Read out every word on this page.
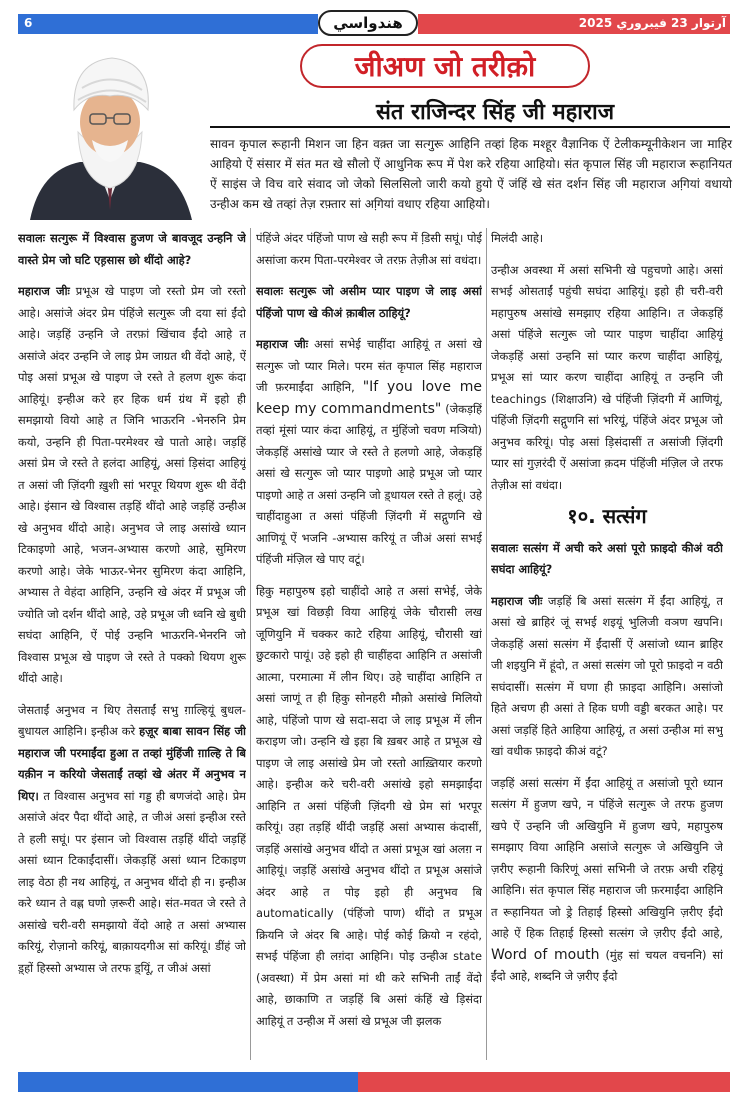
6	هندواسي	آرتوار 23 فيبروري 2025
जीअण जो तरीक़ो
संत राजिन्दर सिंह जी महाराज
सावन कृपाल रूहानी मिशन जा हिन वक़्त जा सत्गुरू आहिनि तव्हां हिक मश्हूर वैज्ञानिक ऐं टेलीकम्यूनीकेशन जा माहिर आहियो ऐं संसार में संत मत खे सौलो ऐं आधुनिक रूप में पेश करे रहिया आहियो। संत कृपाल सिंह जी महाराज रूहानियत ऐं साइंस जे विच वारे संवाद जो जेको सिलसिलो जारी कयो हुयो ऐं जंहिं खे संत दर्शन सिंह जी महाराज अगि़यां वधायो उन्हीअ कम खे तव्हां तेज़ रफ़्तार सां अगि़यां वधाए रहिया आहियो।

सवालः सत्गुरू में विश्वास हुजण जे बावजूद उन्हनि जे वास्ते प्रेम जो घटि एह़सास छो थींदो आहे?

महाराज जीः प्रभूअ खे पाइण जो रस्तो प्रेम जो रस्तो आहे। असांजे अंदर प्रेम पंहिंजे सत्गुरू जी दया सां ईंदो आहे। जड़हिं उन्हनि जे तरफ़ां खिंचाव ईंदो आहे त असांजे अंदर उन्हनि जे लाइ प्रेम जाग्रत थी वेंदो आहे, ऐं पोइ असां प्रभूअ खे पाइण जे रस्ते ते हलण शुरू कंदा आहियूं। इन्हीअ करे हर हिक धर्म ग्रंथ में इहो ही समझायो वियो आहे त जिनि भाऊरनि -भेनरुनि प्रेम कयो, उन्हनि ही पिता-परमेश्वर खे पातो आहे। जड़हिं असां प्रेम जे रस्ते ते हलंदा आहियूं, असां ड़िसंदा आहियूं त असां जी ज़िंदगी ख़ुशी सां भरपूर थियण शुरू थी वेंदी आहे। इंसान खे विश्वास तड़हिं थींदो आहे जड़हिं उन्हीअ खे अनुभव थींदो आहे। अनुभव जे लाइ असांखे ध्यान टिकाइणो आहे, भजन-अभ्यास करणो आहे, सुमिरण करणो आहे। जेके भाऊर-भेनर सुमिरण कंदा आहिनि, अभ्यास ते वेहंदा आहिनि, उन्हनि खे अंदर में प्रभूअ जी ज्योति जो दर्शन थींदो आहे, उहे प्रभूअ जी ध्वनि खे बुधी सघंदा आहिनि, ऐं पोई उन्हनि भाऊरनि-भेनरनि जो विश्वास प्रभूअ खे पाइण जे रस्ते ते पक्को थियण शुरू थींदो आहे।

जेसताईं अनुभव न थिए तेसताईं सभु ग़ाल्हियूं बुधल-बुधायल आहिनि। इन्हीअ करे हज़ूर बाबा सावन सिंह जी महाराज जी परमाईंदा हुआ त तव्हां मुंहिंजी ग़ाल्हि ते बि यक़ीन न करियो जेसताईं तव्हां खे अंतर में अनुभव न थिए। त विश्वास अनुभव सां गड्ड ही बणजंदो आहे। प्रेम असांजे अंदर पैदा थींदो आहे, त जीअं असां इन्हीअ रस्ते ते हली सघूं। पर इंसान जो विश्वास तड़हिं थींदो जड़हिं असां ध्यान टिकाईंदासीं। जेकड़हिं असां ध्यान टिकाइण लाइ वेठा ही नथ आहियूं, त अनुभव थींदो ही न। इन्हीअ करे ध्यान ते वह्ण घणो ज़रूरी आहे। संत-मवत जे रस्ते ते असांखे चरी-वरी समझायो वेंदो आहे त असां अभ्यास करियूं, रोज़ानो करियूं, बाक़ायदगीअ सां करियूं। डींहं जो ड़्हों हिस्सो अभ्यास जे तरफ ड़्यिूं, त जीअं असां

पंहिंजे अंदर पंहिंजो पाण खे सही रूप में डि़सी सघूं। पोई असांजा करम पिता-परमेश्वर जे तरफ़ तेज़ीअ सां वधंदा।

सवालः सत्गुरू जो असीम प्यार पाइण जे लाइ असां पंहिंजो पाण खे कीअं क़ाबील ठाहियूं?

महाराज जीः असां सभेई चाहींदा आहियूं त असां खे सत्गुरू जो प्यार मिले। परम संत कृपाल सिंह महाराज जी फ़रमाईंदा आहिनि, "If you love me keep my commandments" (जेकड़हिं तव्हां मूंसां प्यार कंदा आहियूं, त मुंहिंजो चवण मञियो) जेकड़हिं असांखे प्यार जे रस्ते ते हलणो आहे, जेकड़हिं असां खे सत्गुरू जो प्यार पाइणो आहे प्रभूअ जो प्यार पाइणो आहे त असां उन्हनि जो ड़्धायल रस्ते ते हलूं। उहे चाहींदाहुआ त असां पंहिंजी ज़िंदगी में सद्गुणनि खे आणियूं ऐं भजनि -अभ्यास करियूं त जीअं असां सभई पंहिंजी मंज़िल खे पाए वटूं।

हिकु महापुरुष इहो चाहींदो आहे त असां सभेई, जेके प्रभूअ खां विछड़ी विया आहियूं जेके चौरासी लख जूणियुनि में चक्कर काटे रहिया आहियूं, चौरासी खां छुटकारो पायूं। उहे इहो ही चाहींहदा आहिनि त असांजी आत्मा, परमात्मा में लीन थिए। उहे चाहींदा आहिनि त असां जाणूं त ही हिकु सोनहरी मौक़ो असांखे मिलियो आहे, पंहिंजो पाण खे सदा-सदा जे लाइ प्रभूअ में लीन कराइण जो। उन्हनि खे इहा बि ख़बर आहे त प्रभूअ खे पाइण जे लाइ असांखे प्रेम जो रस्तो आख़्तियार करणो आहे। इन्हीअ करे चरी-वरी असांखे इहो समझाईंदा आहिनि त असां पंहिंजी ज़िंदगी खे प्रेम सां भरपूर करियूं। उहा तड़हिं थींदी जड़हिं असां अभ्यास कंदासीं, जड़हिं असांखे अनुभव थींदो त असां प्रभूअ खां अलग़ न आहियूं। जड़हिं असांखे अनुभव थींदो त प्रभूअ असांजे अंदर आहे त पोइ इहो ही अनुभव बि automatically (पंहिंजो पाण) थींदो त प्रभूअ क्रियनि जे अंदर बि आहे। पोई कोई क्रियो न रहंदो, सभई पंहिंजा ही लग़ंदा आहिनि। पोइ उन्हीअ state (अवस्था) में प्रेम असां मां थी करे सभिनी ताईं वेंदो आहे, छाकाणि त जड़हिं बि असां कंहिं खे ड़िसंदा आहियूं त उन्हीअ में असां खे प्रभूअ जी झलक

मिलंदी आहे।

उन्हीअ अवस्था में असां सभिनी खे पहुचणो आहे। असां सभई ओसताईं पहुंची सघंदा आहियूं। इहो ही चरी-वरी महापुरुष असांखे समझाए रहिया आहिनि। त जेकड़हिं असां पंहिंजे सत्गुरू जो प्यार पाइण चाहींदा आहियूं जेकड़हिं असां उन्हनि सां प्यार करण चाहींदा आहियूं, प्रभूअ सां प्यार करण चाहींदा आहियूं त उन्हनि जी teachings (शिक्षाउनि) खे पंहिंजी ज़िंदगी में आणियूं, पंहिंजी ज़िंदगी सद्गुणनि सां भरियूं, पंहिंजे अंदर प्रभूअ जो अनुभव करियूं। पोइ असां ड़िसंदासीं त असांजी ज़िंदगी प्यार सां गुज़रंदी ऐं असांजा क़दम पंहिंजी मंज़िल जे तरफ तेज़ीअ सां वधंदा।

१०. सत्संग

सवालः सत्संग में अची करे असां पूरो फ़ाइदो कीअं वठी सघंदा आहियूं?

महाराज जीः जड़हिं बि असां सत्संग में ईंदा आहियूं, त असां खे ब्राहिरं जूं सभई शइयूं भुलिजी वञण खपनि। जेकड़हिं असां सत्संग में ईंदासीं ऐं असांजो ध्यान ब्राहिर जी शइयुनि में हूंदो, त असां सत्संग जो पूरो फ़ाइदो न वठी सघंदासीं। सत्संग में घणा ही फ़ाइदा आहिनि। असांजो हिते अचण ही असां ते हिक घणी वड्डी बरकत आहे। पर असां जड़हिं हिते आहिया आहियूं, त असां उन्हीअ मां सभु खां वधीक फ़ाइदो कीअं वटूं?

जड़हिं असां सत्संग में ईंदा आहियूं त असांजो पूरो ध्यान सत्संग में हुजण खपे, न पंहिंजे सत्गुरू जे तरफ हुजण खपे ऐं उन्हनि जी अखियुनि में हुजण खपे, महापुरुष समझाए विया आहिनि असांजे सत्गुरू जे अखियुनि जे ज़रीए रूहानी किरिणूं असां सभिनी जे तरफ़ अची रहियूं आहिनि। संत कृपाल सिंह महाराज जी फ़रमाईंदा आहिनि त रूहानियत जो ड्रे तिहाई हिस्सो अखियुनि ज़रीए ईंदो आहे ऐं हिक तिहाई हिस्सो सत्संग जे ज़रीए ईंदो आहे, Word of mouth (मुंह सां चयल वचननि) सां ईंदो आहे, शब्दनि जे ज़रीए ईंदो
